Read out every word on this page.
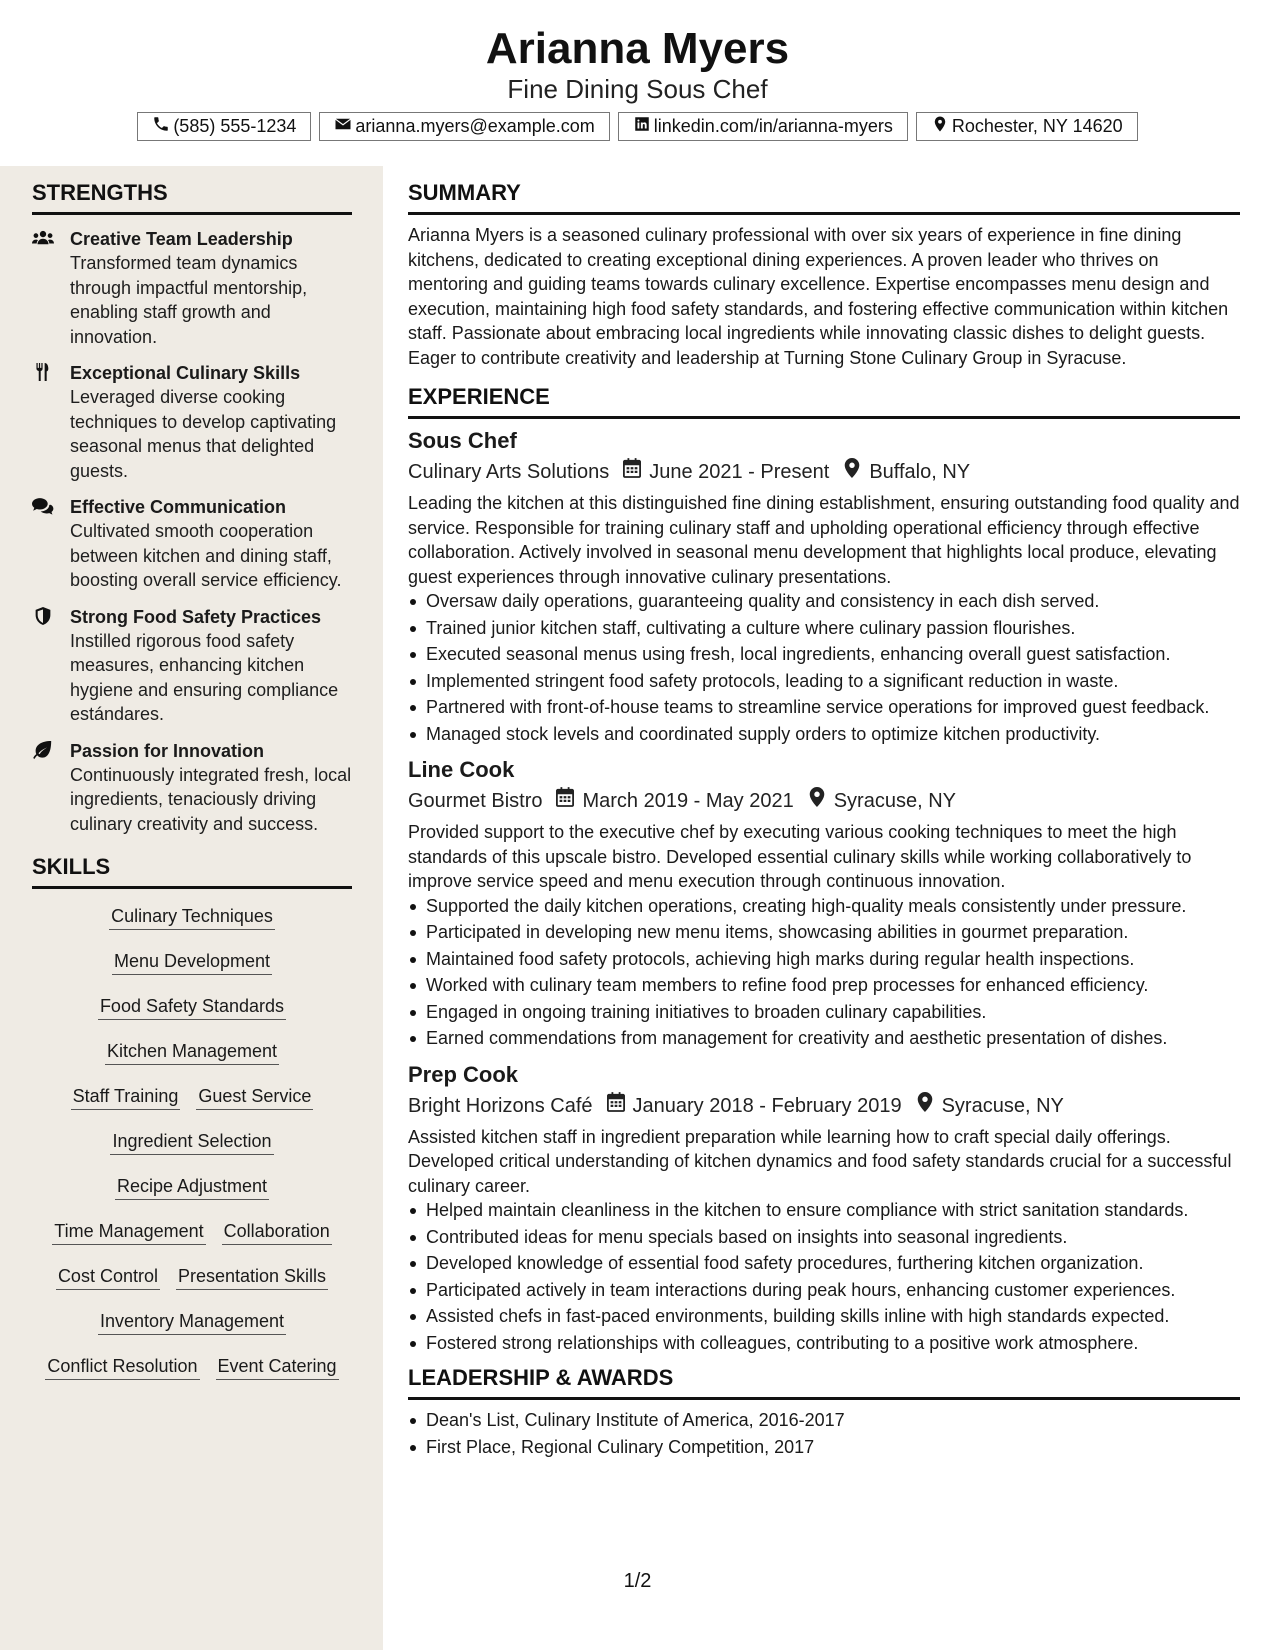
Arianna Myers
Fine Dining Sous Chef
(585) 555-1234	arianna.myers@example.com	linkedin.com/in/arianna-myers	Rochester, NY 14620
STRENGTHS
Creative Team Leadership
Transformed team dynamics through impactful mentorship, enabling staff growth and innovation.
Exceptional Culinary Skills
Leveraged diverse cooking techniques to develop captivating seasonal menus that delighted guests.
Effective Communication
Cultivated smooth cooperation between kitchen and dining staff, boosting overall service efficiency.
Strong Food Safety Practices
Instilled rigorous food safety measures, enhancing kitchen hygiene and ensuring compliance estándares.
Passion for Innovation
Continuously integrated fresh, local ingredients, tenaciously driving culinary creativity and success.
SKILLS
Culinary Techniques
Menu Development
Food Safety Standards
Kitchen Management
Staff Training Guest Service
Ingredient Selection
Recipe Adjustment
Time Management Collaboration
Cost Control Presentation Skills
Inventory Management
Conflict Resolution Event Catering
SUMMARY
Arianna Myers is a seasoned culinary professional with over six years of experience in fine dining kitchens, dedicated to creating exceptional dining experiences. A proven leader who thrives on mentoring and guiding teams towards culinary excellence. Expertise encompasses menu design and execution, maintaining high food safety standards, and fostering effective communication within kitchen staff. Passionate about embracing local ingredients while innovating classic dishes to delight guests. Eager to contribute creativity and leadership at Turning Stone Culinary Group in Syracuse.
EXPERIENCE
Sous Chef
Culinary Arts Solutions June 2021 - Present Buffalo, NY
Leading the kitchen at this distinguished fine dining establishment, ensuring outstanding food quality and service. Responsible for training culinary staff and upholding operational efficiency through effective collaboration. Actively involved in seasonal menu development that highlights local produce, elevating guest experiences through innovative culinary presentations.
Oversaw daily operations, guaranteeing quality and consistency in each dish served.
Trained junior kitchen staff, cultivating a culture where culinary passion flourishes.
Executed seasonal menus using fresh, local ingredients, enhancing overall guest satisfaction.
Implemented stringent food safety protocols, leading to a significant reduction in waste.
Partnered with front-of-house teams to streamline service operations for improved guest feedback.
Managed stock levels and coordinated supply orders to optimize kitchen productivity.
Line Cook
Gourmet Bistro March 2019 - May 2021 Syracuse, NY
Provided support to the executive chef by executing various cooking techniques to meet the high standards of this upscale bistro. Developed essential culinary skills while working collaboratively to improve service speed and menu execution through continuous innovation.
Supported the daily kitchen operations, creating high-quality meals consistently under pressure.
Participated in developing new menu items, showcasing abilities in gourmet preparation.
Maintained food safety protocols, achieving high marks during regular health inspections.
Worked with culinary team members to refine food prep processes for enhanced efficiency.
Engaged in ongoing training initiatives to broaden culinary capabilities.
Earned commendations from management for creativity and aesthetic presentation of dishes.
Prep Cook
Bright Horizons Café January 2018 - February 2019 Syracuse, NY
Assisted kitchen staff in ingredient preparation while learning how to craft special daily offerings. Developed critical understanding of kitchen dynamics and food safety standards crucial for a successful culinary career.
Helped maintain cleanliness in the kitchen to ensure compliance with strict sanitation standards.
Contributed ideas for menu specials based on insights into seasonal ingredients.
Developed knowledge of essential food safety procedures, furthering kitchen organization.
Participated actively in team interactions during peak hours, enhancing customer experiences.
Assisted chefs in fast-paced environments, building skills inline with high standards expected.
Fostered strong relationships with colleagues, contributing to a positive work atmosphere.
LEADERSHIP & AWARDS
Dean's List, Culinary Institute of America, 2016-2017
First Place, Regional Culinary Competition, 2017
1/2
